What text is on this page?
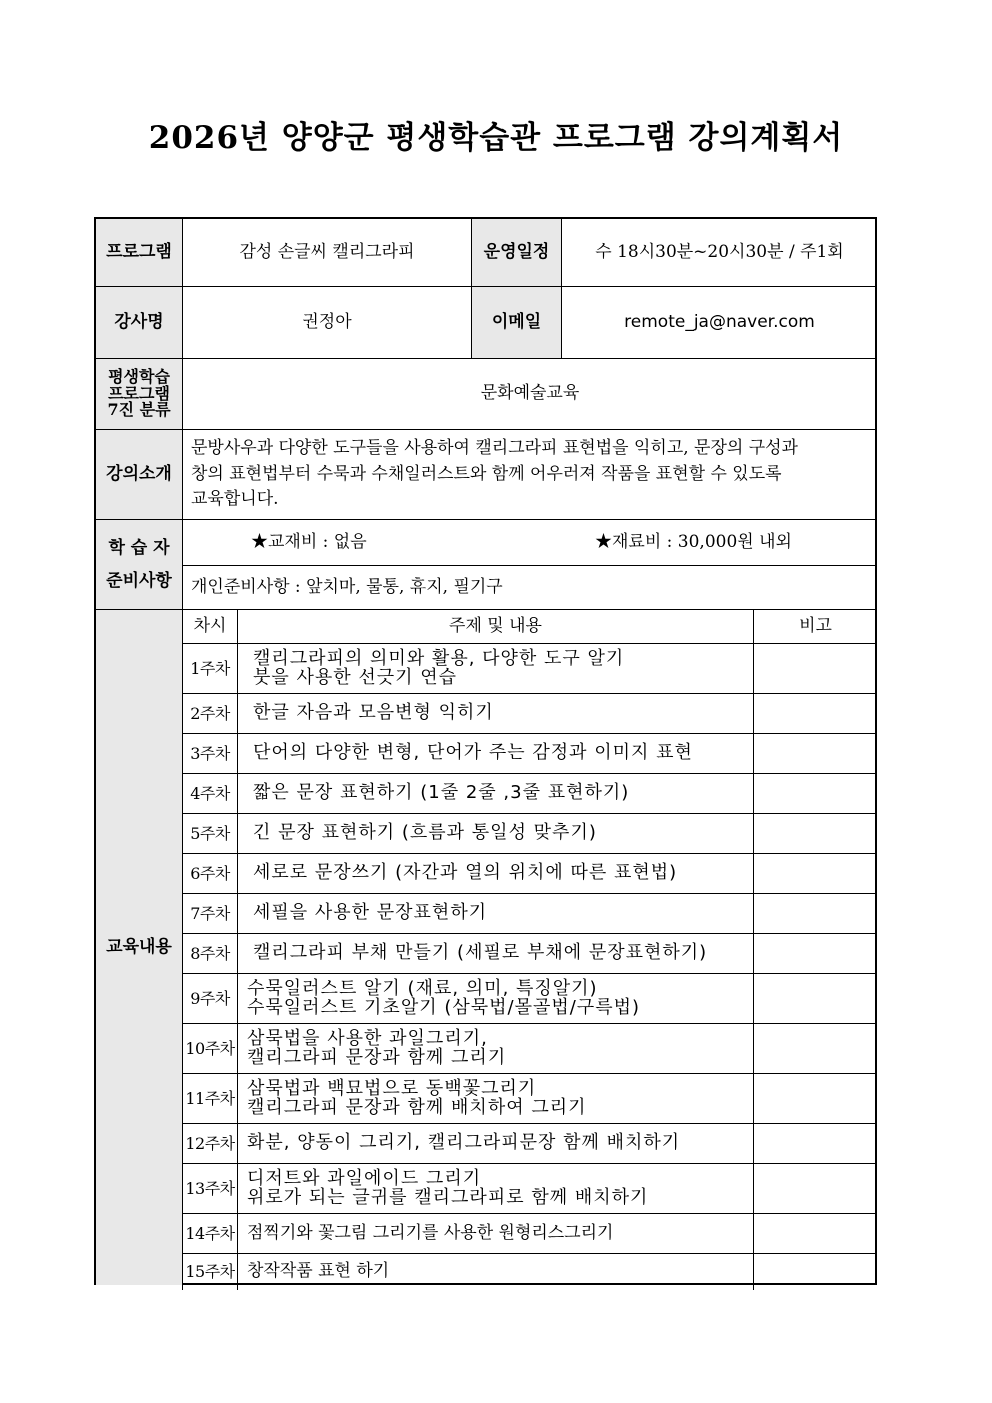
2026년 양양군 평생학습관 프로그램 강의계획서
프로그램	감성 손글씨 캘리그라피	운영일정	수 18시30분~20시30분 / 주1회
강사명	권정아	이메일	remote_ja@naver.com
평생학습
프로그램
7진 분류
문화예술교육
강의소개
문방사우과 다양한 도구들을 사용하여 캘리그라피 표현법을 익히고, 문장의 구성과
창의 표현법부터 수묵과 수채일러스트와 함께 어우러져 작품을 표현할 수 있도록
교육합니다.
학 습 자
준비사항
★교재비 : 없음	★재료비 : 30,000원 내외
개인준비사항 : 앞치마, 물통, 휴지, 필기구
교육내용
차시	주제 및 내용	비고
1주차	캘리그라피의 의미와 활용, 다양한 도구 알기
붓을 사용한 선긋기 연습
2주차	한글 자음과 모음변형 익히기
3주차	단어의 다양한 변형, 단어가 주는 감정과 이미지 표현
4주차	짧은 문장 표현하기 (1줄 2줄 ,3줄 표현하기)
5주차	긴 문장 표현하기 (흐름과 통일성 맞추기)
6주차	세로로 문장쓰기 (자간과 열의 위치에 따른 표현법)
7주차	세필을 사용한 문장표현하기
8주차	캘리그라피 부채 만들기 (세필로 부채에 문장표현하기)
9주차 수묵일러스트 알기 (재료, 의미, 특징알기)
수묵일러스트 기초알기 (삼묵법/몰골법/구륵법)
10주차 삼묵법을 사용한 과일그리기,
캘리그라피 문장과 함께 그리기
11주차 삼묵법과 백묘법으로 동백꽃그리기
캘리그라피 문장과 함께 배치하여 그리기
12주차 화분, 양동이 그리기, 캘리그라피문장 함께 배치하기
13주차 디저트와 과일에이드 그리기
위로가 되는 글귀를 캘리그라피로 함께 배치하기
14주차 점찍기와 꽃그림 그리기를 사용한 원형리스그리기
15주차 창작작품 표현 하기
